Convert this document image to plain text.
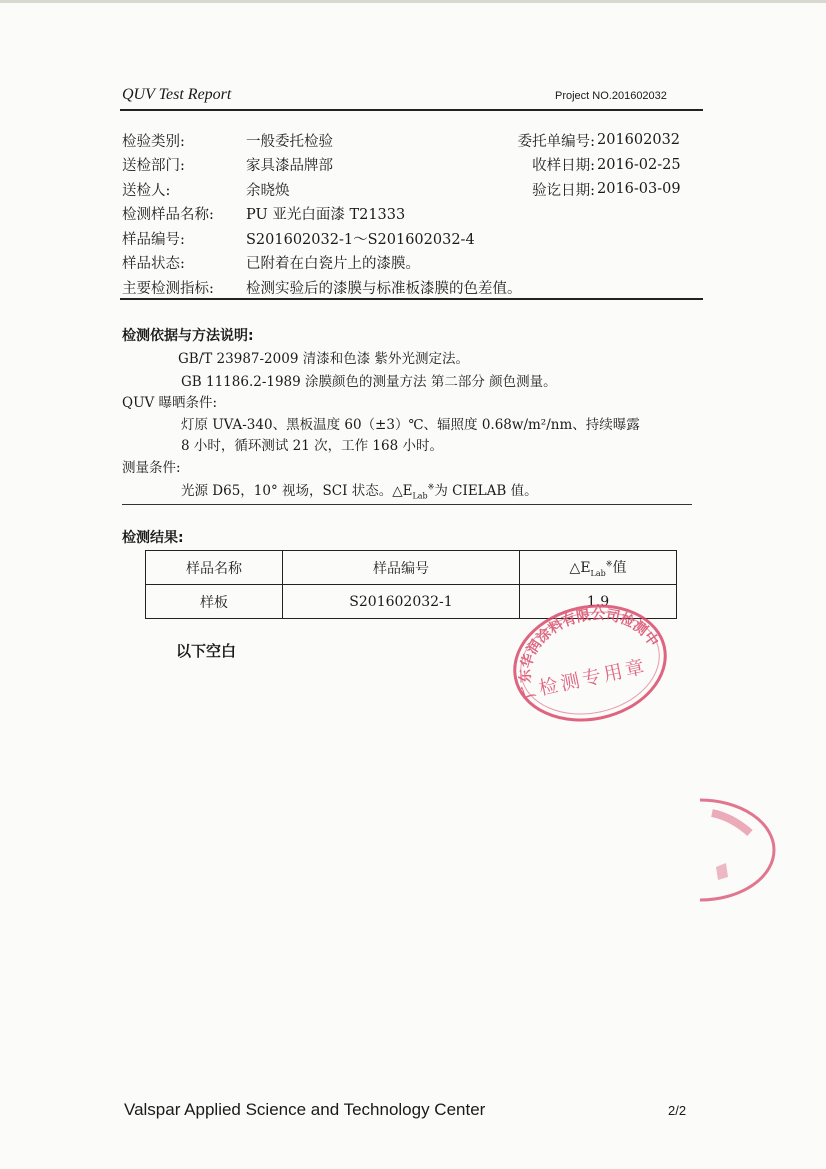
QUV Test Report	Project NO.201602032
检验类别:	一般委托检验
送检部门:	家具漆品牌部
送检人:	余晓焕
检测样品名称:	PU 亚光白面漆 T21333
样品编号:	S201602032-1～S201602032-4
样品状态:	已附着在白瓷片上的漆膜。
主要检测指标:	检测实验后的漆膜与标准板漆膜的色差值。
委托单编号: 201602032
收样日期: 2016-02-25
验讫日期: 2016-03-09
检测依据与方法说明:
GB/T 23987-2009 清漆和色漆 紫外光测定法。
GB 11186.2-1989 涂膜颜色的测量方法 第二部分 颜色测量。
QUV 曝晒条件:
灯原 UVA-340、黑板温度 60（±3）℃、辐照度 0.68w/m²/nm、持续曝露
8 小时，循环测试 21 次，工作 168 小时。
测量条件:
光源 D65，10° 视场，SCI 状态。$\triangle E_{Lab}^※$为 CIELAB 值。
检测结果:
样品名称	样品编号	$\triangle E_{Lab}^※$值
样板	S201602032-1	1.9
以下空白
广东华润涂料有限公司检测中心
检测专用章
Valspar Applied Science and Technology Center	2/2
